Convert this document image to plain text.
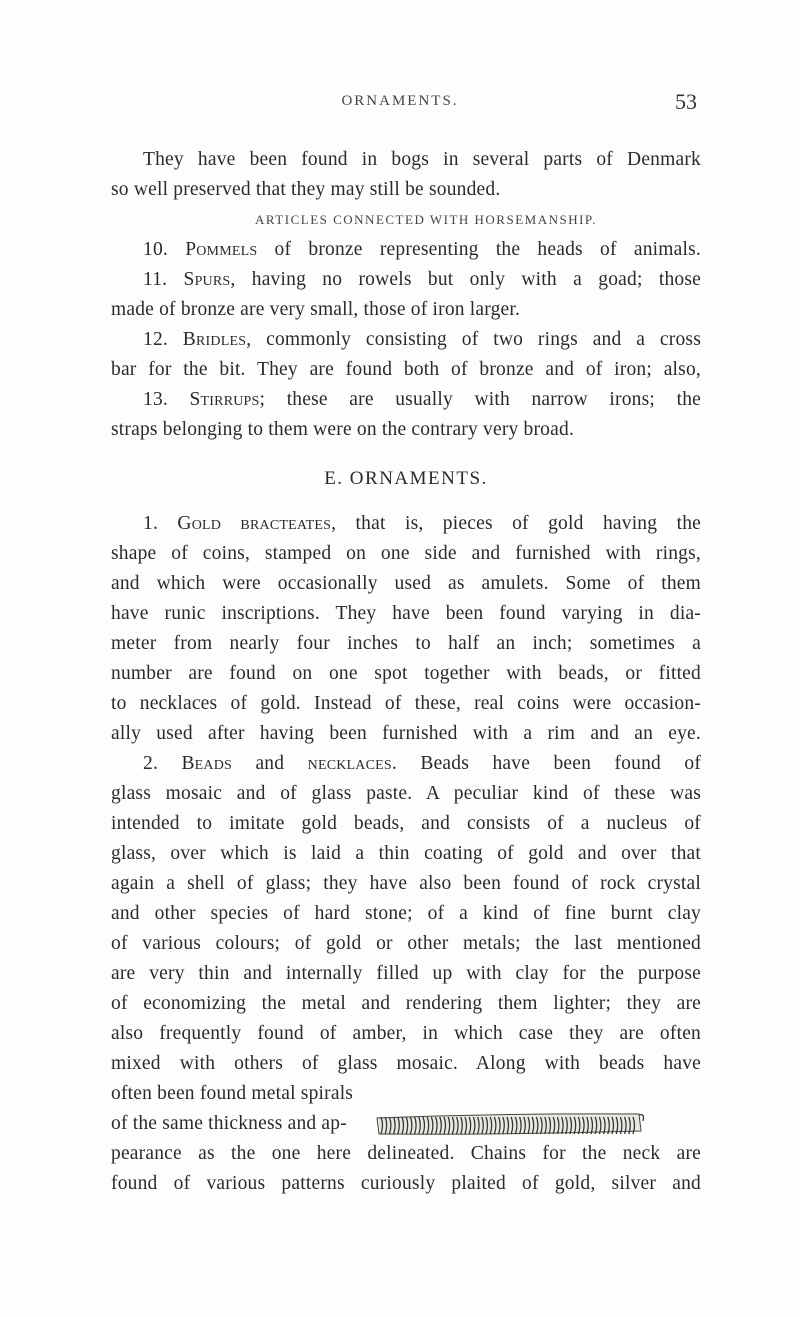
ORNAMENTS.	53
They have been found in bogs in several parts of Denmark
so well preserved that they may still be sounded.
ARTICLES CONNECTED WITH HORSEMANSHIP.
10. Pommels of bronze representing the heads of animals.
11. Spurs, having no rowels but only with a goad; those
made of bronze are very small, those of iron larger.
12. Bridles, commonly consisting of two rings and a cross
bar for the bit. They are found both of bronze and of iron; also,
13. Stirrups; these are usually with narrow irons; the
straps belonging to them were on the contrary very broad.
E. ORNAMENTS.
1. Gold bracteates, that is, pieces of gold having the
shape of coins, stamped on one side and furnished with rings,
and which were occasionally used as amulets. Some of them
have runic inscriptions. They have been found varying in dia-
meter from nearly four inches to half an inch; sometimes a
number are found on one spot together with beads, or fitted
to necklaces of gold. Instead of these, real coins were occasion-
ally used after having been furnished with a rim and an eye.
2. Beads and necklaces. Beads have been found of
glass mosaic and of glass paste. A peculiar kind of these was
intended to imitate gold beads, and consists of a nucleus of
glass, over which is laid a thin coating of gold and over that
again a shell of glass; they have also been found of rock crystal
and other species of hard stone; of a kind of fine burnt clay
of various colours; of gold or other metals; the last mentioned
are very thin and internally filled up with clay for the purpose
of economizing the metal and rendering them lighter; they are
also frequently found of amber, in which case they are often
mixed with others of glass mosaic. Along with beads have
often been found metal spirals
of the same thickness and ap-
pearance as the one here delineated. Chains for the neck are
found of various patterns curiously plaited of gold, silver and
